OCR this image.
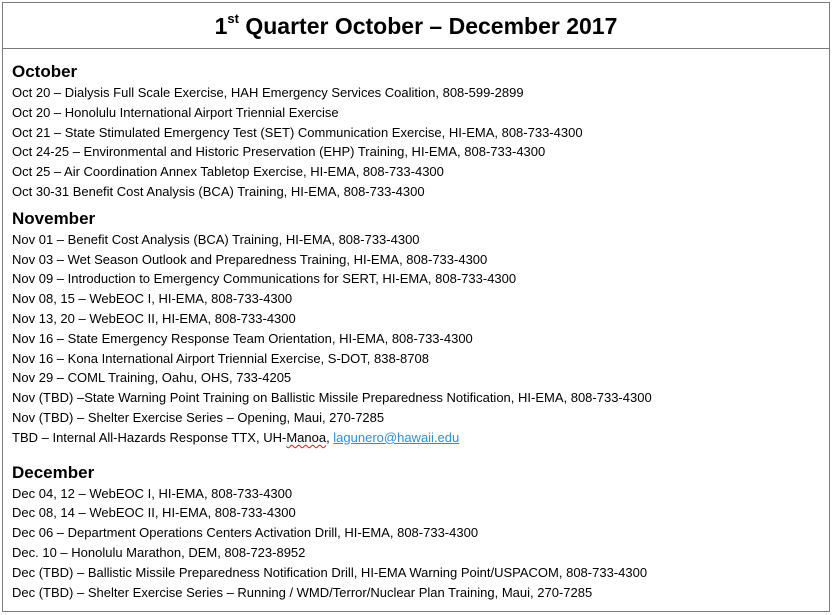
1st Quarter October – December 2017
October

Oct 20 – Dialysis Full Scale Exercise, HAH Emergency Services Coalition, 808-599-2899

Oct 20 – Honolulu International Airport Triennial Exercise

Oct 21 – State Stimulated Emergency Test (SET) Communication Exercise, HI-EMA, 808-733-4300

Oct 24-25 – Environmental and Historic Preservation (EHP) Training, HI-EMA, 808-733-4300

Oct 25 – Air Coordination Annex Tabletop Exercise, HI-EMA, 808-733-4300

Oct 30-31 Benefit Cost Analysis (BCA) Training, HI-EMA, 808-733-4300

November

Nov 01 – Benefit Cost Analysis (BCA) Training, HI-EMA, 808-733-4300

Nov 03 – Wet Season Outlook and Preparedness Training, HI-EMA, 808-733-4300

Nov 09 – Introduction to Emergency Communications for SERT, HI-EMA, 808-733-4300

Nov 08, 15 – WebEOC I, HI-EMA, 808-733-4300

Nov 13, 20 – WebEOC II, HI-EMA, 808-733-4300

Nov 16 – State Emergency Response Team Orientation, HI-EMA, 808-733-4300

Nov 16 – Kona International Airport Triennial Exercise, S-DOT, 838-8708

Nov 29 – COML Training, Oahu, OHS, 733-4205

Nov (TBD) –State Warning Point Training on Ballistic Missile Preparedness Notification, HI-EMA, 808-733-4300

Nov (TBD) – Shelter Exercise Series – Opening, Maui, 270-7285

TBD – Internal All-Hazards Response TTX, UH-Manoa, lagunero@hawaii.edu

December

Dec 04, 12 – WebEOC I, HI-EMA, 808-733-4300

Dec 08, 14 – WebEOC II, HI-EMA, 808-733-4300

Dec 06 – Department Operations Centers Activation Drill, HI-EMA, 808-733-4300

Dec. 10 – Honolulu Marathon, DEM, 808-723-8952

Dec (TBD) – Ballistic Missile Preparedness Notification Drill, HI-EMA Warning Point/USPACOM, 808-733-4300

Dec (TBD) – Shelter Exercise Series – Running / WMD/Terror/Nuclear Plan Training, Maui, 270-7285
